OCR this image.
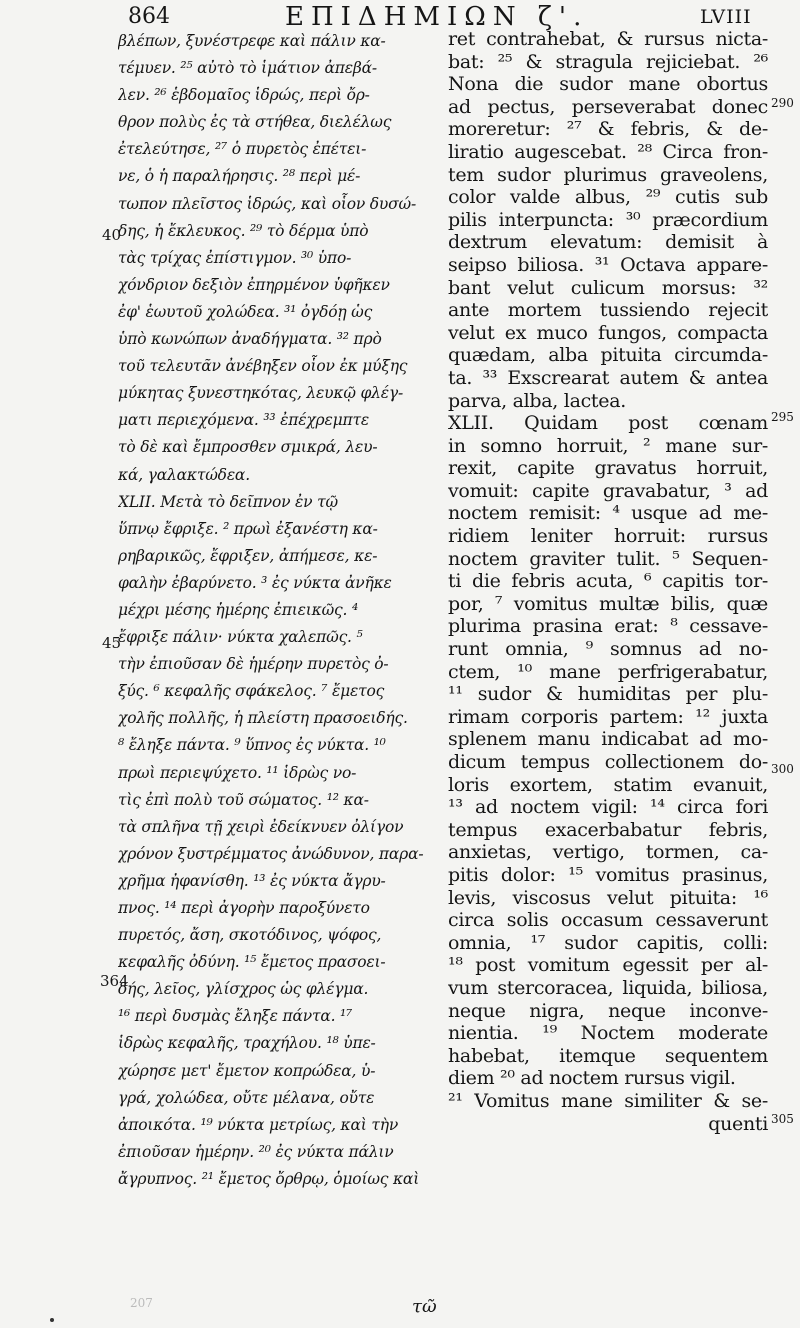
864	ΕΠΙΔΗΜΙΩΝ ζ'.	LVIII
βλέπων, ξυνέστρεφε καὶ πάλιν κα-
τέμυεν. ²⁵ αὐτὸ τὸ ἱμάτιον ἀπεβά-
λεν. ²⁶ ἑβδομαῖος ἱδρώς, περὶ ὄρ-
θρον πολὺς ἐς τὰ στήθεα, διελέλως
ἐτελεύτησε, ²⁷ ὁ πυρετὸς ἐπέτει-
νε, ὁ ἡ παραλήρησις. ²⁸ περὶ μέ-
τωπον πλεῖστος ἱδρώς, καὶ οἷον δυσώ-
δης, ἡ ἔκλευκος. ²⁹ τὸ δέρμα ὑπὸ
τὰς τρίχας ἐπίστιγμον. ³⁰ ὑπο-
χόνδριον δεξιὸν ἐπηρμένον ὑφῆκεν
ἐφ' ἑωυτοῦ χολώδεα. ³¹ ὀγδόῃ ὡς
ὑπὸ κωνώπων ἀναδήγματα. ³² πρὸ
τοῦ τελευτᾶν ἀνέβηξεν οἷον ἐκ μύξης
μύκητας ξυνεστηκότας, λευκῷ φλέγ-
ματι περιεχόμενα. ³³ ἐπέχρεμπτε
τὸ δὲ καὶ ἔμπροσθεν σμικρά, λευ-
κά, γαλακτώδεα.
XLII. Μετὰ τὸ δεῖπνον ἐν τῷ
ὕπνῳ ἔφριξε. ² πρωὶ ἐξανέστη κα-
ρηβαρικῶς, ἔφριξεν, ἀπήμεσε, κε-
φαλὴν ἐβαρύνετο. ³ ἐς νύκτα ἀνῆκε
μέχρι μέσης ἡμέρης ἐπιεικῶς. ⁴
ἔφριξε πάλιν· νύκτα χαλεπῶς. ⁵
τὴν ἐπιοῦσαν δὲ ἡμέρην πυρετὸς ὀ-
ξύς. ⁶ κεφαλῆς σφάκελος. ⁷ ἔμετος
χολῆς πολλῆς, ἡ πλείστη πρασοειδής.
⁸ ἔληξε πάντα. ⁹ ὕπνος ἐς νύκτα. ¹⁰
πρωὶ περιεψύχετο. ¹¹ ἱδρὼς νο-
τὶς ἐπὶ πολὺ τοῦ σώματος. ¹² κα-
τὰ σπλῆνα τῇ χειρὶ ἐδείκνυεν ὀλίγον
χρόνον ξυστρέμματος ἀνώδυνον, παρα-
χρῆμα ἠφανίσθη. ¹³ ἐς νύκτα ἄγρυ-
πνος. ¹⁴ περὶ ἀγορὴν παροξύνετο
πυρετός, ἄση, σκοτόδινος, ψόφος,
κεφαλῆς ὀδύνη. ¹⁵ ἔμετος πρασοει-
δής, λεῖος, γλίσχρος ὡς φλέγμα.
¹⁶ περὶ δυσμὰς ἔληξε πάντα. ¹⁷
ἱδρὼς κεφαλῆς, τραχήλου. ¹⁸ ὑπε-
χώρησε μετ' ἔμετον κοπρώδεα, ὑ-
γρά, χολώδεα, οὔτε μέλανα, οὔτε
ἀποικότα. ¹⁹ νύκτα μετρίως, καὶ τὴν
ἐπιοῦσαν ἡμέρην. ²⁰ ἐς νύκτα πάλιν
ἄγρυπνος. ²¹ ἔμετος ὄρθρῳ, ὁμοίως καὶ
ret contrahebat, & rursus nicta-
bat: ²⁵ & stragula rejiciebat. ²⁶
Nona die sudor mane obortus
ad pectus, perseverabat donec
moreretur: ²⁷ & febris, & de-
liratio augescebat. ²⁸ Circa fron-
tem sudor plurimus graveolens,
color valde albus, ²⁹ cutis sub
pilis interpuncta: ³⁰ præcordium
dextrum elevatum: demisit à
seipso biliosa. ³¹ Octava appare-
bant velut culicum morsus: ³²
ante mortem tussiendo rejecit
velut ex muco fungos, compacta
quædam, alba pituita circumda-
ta. ³³ Exscrearat autem & antea
parva, alba, lactea.
XLII. Quidam post cœnam
in somno horruit, ² mane sur-
rexit, capite gravatus horruit,
vomuit: capite gravabatur, ³ ad
noctem remisit: ⁴ usque ad me-
ridiem leniter horruit: rursus
noctem graviter tulit. ⁵ Sequen-
ti die febris acuta, ⁶ capitis tor-
por, ⁷ vomitus multæ bilis, quæ
plurima prasina erat: ⁸ cessave-
runt omnia, ⁹ somnus ad no-
ctem, ¹⁰ mane perfrigerabatur,
¹¹ sudor & humiditas per plu-
rimam corporis partem: ¹² juxta
splenem manu indicabat ad mo-
dicum tempus collectionem do-
loris exortem, statim evanuit,
¹³ ad noctem vigil: ¹⁴ circa fori
tempus exacerbabatur febris,
anxietas, vertigo, tormen, ca-
pitis dolor: ¹⁵ vomitus prasinus,
levis, viscosus velut pituita: ¹⁶
circa solis occasum cessaverunt
omnia, ¹⁷ sudor capitis, colli:
¹⁸ post vomitum egessit per al-
vum stercoracea, liquida, biliosa,
neque nigra, neque inconve-
nientia. ¹⁹ Noctem moderate
habebat, itemque sequentem
diem ²⁰ ad noctem rursus vigil.
²¹ Vomitus mane similiter & se-
quenti
40
45
364
290
295
300
305
τῶ
207
